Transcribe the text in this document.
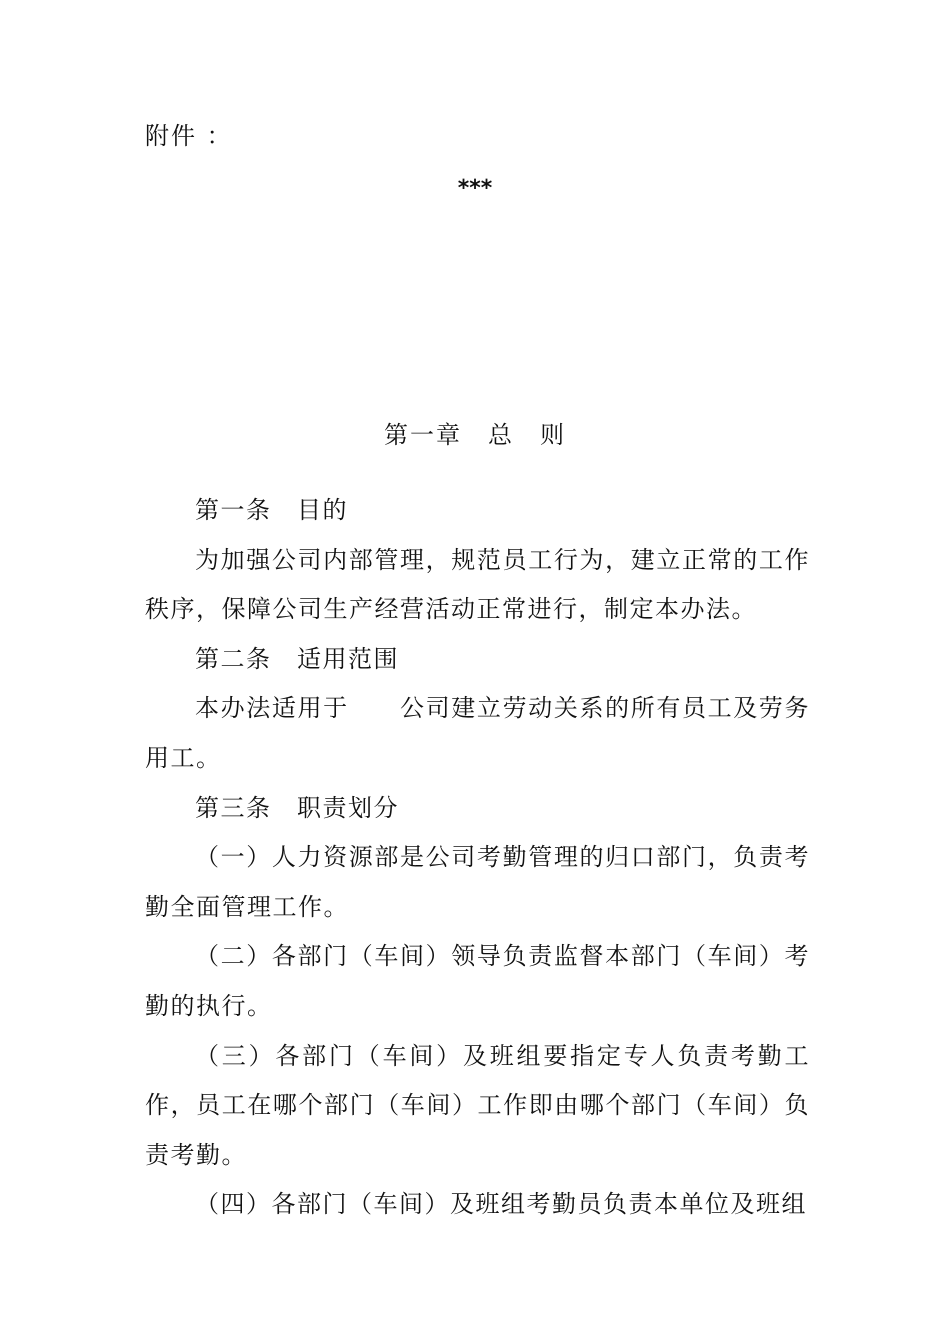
附件 ：
***
第一章　总　则

第一条　目的

为加强公司内部管理，规范员工行为，建立正常的工作秩序，保障公司生产经营活动正常进行，制定本办法。

第二条　适用范围

本办法适用于　　公司建立劳动关系的所有员工及劳务用工。

第三条　职责划分

（一）人力资源部是公司考勤管理的归口部门，负责考勤全面管理工作。

（二）各部门（车间）领导负责监督本部门（车间）考勤的执行。

（三）各部门（车间）及班组要指定专人负责考勤工作，员工在哪个部门（车间）工作即由哪个部门（车间）负责考勤。

（四）各部门（车间）及班组考勤员负责本单位及班组
